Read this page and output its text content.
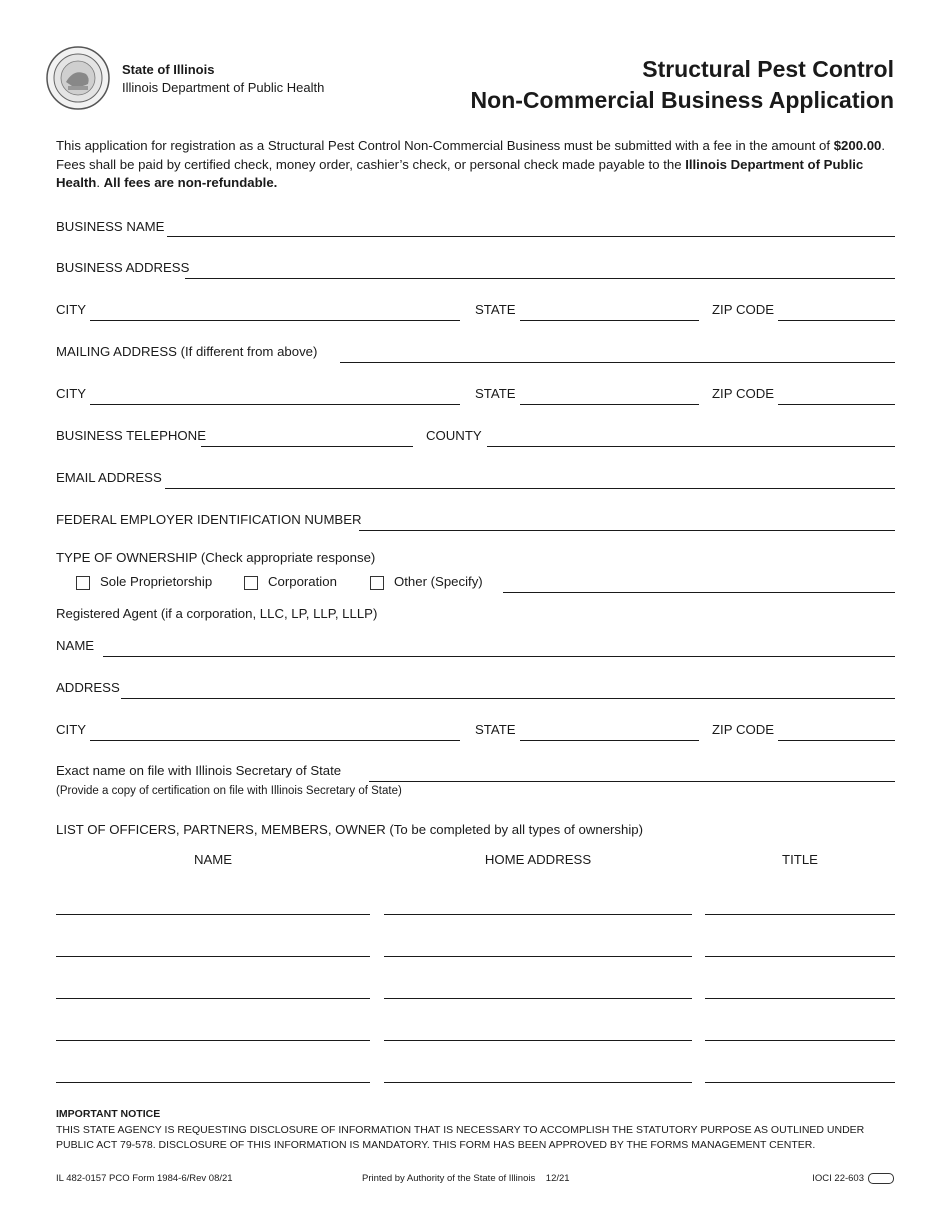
State of Illinois
Illinois Department of Public Health
Structural Pest Control
Non-Commercial Business Application
This application for registration as a Structural Pest Control Non-Commercial Business must be submitted with a fee in the amount of $200.00. Fees shall be paid by certified check, money order, cashier’s check, or personal check made payable to the Illinois Department of Public Health. All fees are non-refundable.
BUSINESS NAME
BUSINESS ADDRESS
CITY	STATE	ZIP CODE
MAILING ADDRESS (If different from above)
CITY	STATE	ZIP CODE
BUSINESS TELEPHONE	COUNTY
EMAIL ADDRESS
FEDERAL EMPLOYER IDENTIFICATION NUMBER
TYPE OF OWNERSHIP (Check appropriate response)
Sole Proprietorship	Corporation	Other (Specify)
Registered Agent (if a corporation, LLC, LP, LLP, LLLP)
NAME
ADDRESS
CITY	STATE	ZIP CODE
Exact name on file with Illinois Secretary of State
(Provide a copy of certification on file with Illinois Secretary of State)
LIST OF OFFICERS, PARTNERS, MEMBERS, OWNER (To be completed by all types of ownership)
NAME	HOME ADDRESS	TITLE
IMPORTANT NOTICE
THIS STATE AGENCY IS REQUESTING DISCLOSURE OF INFORMATION THAT IS NECESSARY TO ACCOMPLISH THE STATUTORY PURPOSE AS OUTLINED UNDER PUBLIC ACT 79-578. DISCLOSURE OF THIS INFORMATION IS MANDATORY. THIS FORM HAS BEEN APPROVED BY THE FORMS MANAGEMENT CENTER.
IL 482-0157 PCO Form 1984-6/Rev 08/21	Printed by Authority of the State of Illinois 12/21	IOCI 22-603
